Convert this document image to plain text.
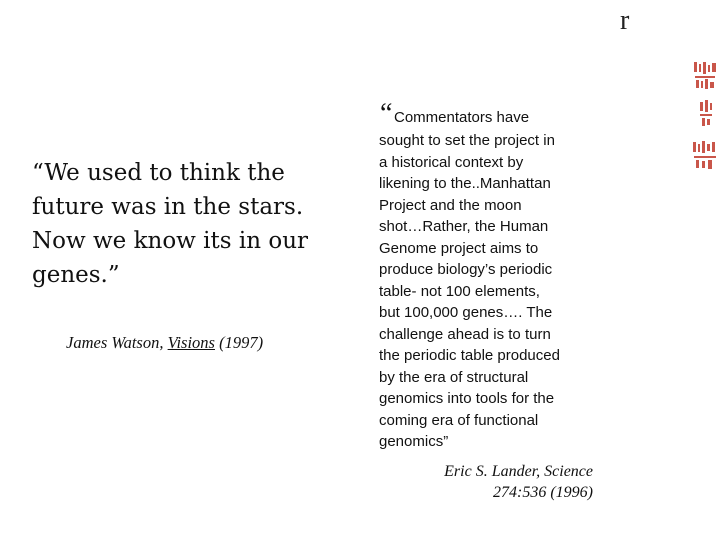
r

“We used to think the future was in the stars. Now we know its in our genes.”

James Watson, Visions (1997)
“ Commentators have
sought to set the project in
a historical context by
likening to the..Manhattan
Project and the moon
shot…Rather, the Human
Genome project aims to
produce biology’s periodic
table- not 100 elements,
but 100,000 genes…. The
challenge ahead is to turn
the periodic table produced
by the era of structural
genomics into tools for the
coming era of functional
genomics”
Eric S. Lander, Science
274:536 (1996)
